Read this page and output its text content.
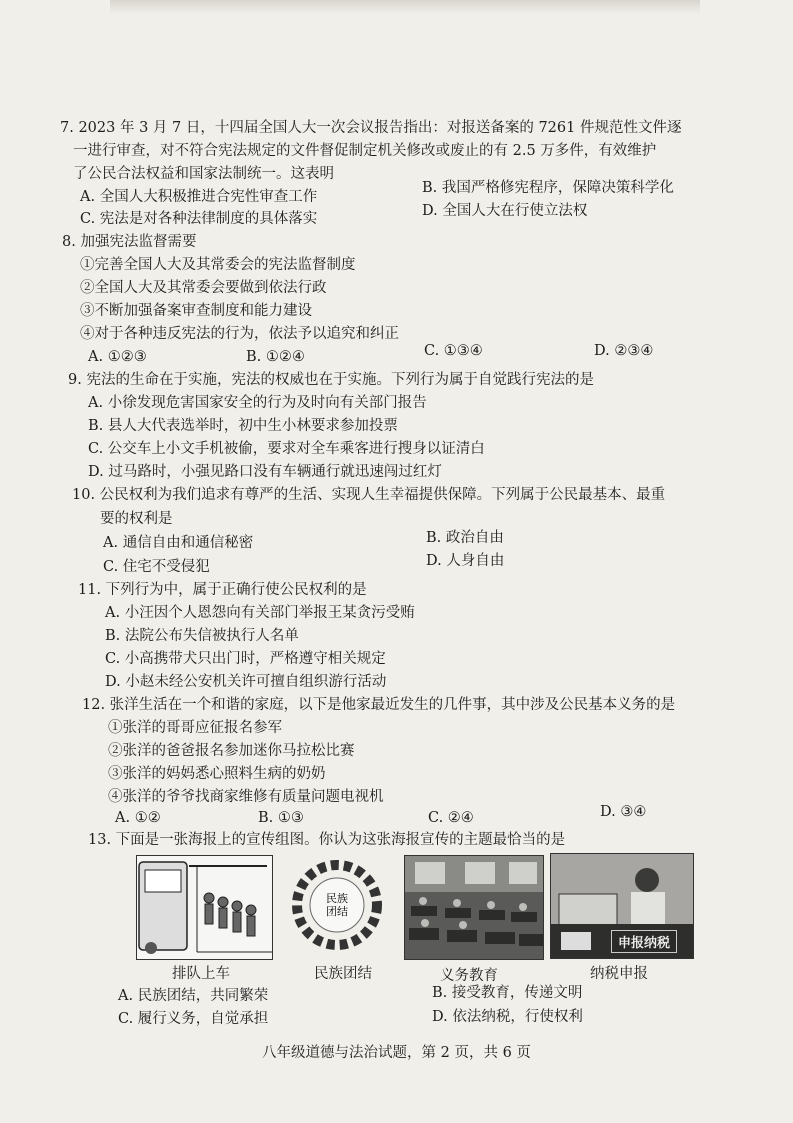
7. 2023 年 3 月 7 日，十四届全国人大一次会议报告指出：对报送备案的 7261 件规范性文件逐
一进行审查，对不符合宪法规定的文件督促制定机关修改或废止的有 2.5 万多件，有效维护
了公民合法权益和国家法制统一。这表明
A. 全国人大积极推进合宪性审查工作
B. 我国严格修宪程序，保障决策科学化
C. 宪法是对各种法律制度的具体落实	D. 全国人大在行使立法权
8. 加强宪法监督需要
①完善全国人大及其常委会的宪法监督制度
②全国人大及其常委会要做到依法行政
③不断加强备案审查制度和能力建设
④对于各种违反宪法的行为，依法予以追究和纠正
A. ①②③	B. ①②④	C. ①③④	D. ②③④
9. 宪法的生命在于实施，宪法的权威也在于实施。下列行为属于自觉践行宪法的是
A. 小徐发现危害国家安全的行为及时向有关部门报告
B. 县人大代表选举时，初中生小林要求参加投票
C. 公交车上小文手机被偷，要求对全车乘客进行搜身以证清白
D. 过马路时，小强见路口没有车辆通行就迅速闯过红灯
10. 公民权利为我们追求有尊严的生活、实现人生幸福提供保障。下列属于公民最基本、最重
要的权利是
A. 通信自由和通信秘密	B. 政治自由
C. 住宅不受侵犯	D. 人身自由
11. 下列行为中，属于正确行使公民权利的是
A. 小汪因个人恩怨向有关部门举报王某贪污受贿
B. 法院公布失信被执行人名单
C. 小高携带犬只出门时，严格遵守相关规定
D. 小赵未经公安机关许可擅自组织游行活动
12. 张洋生活在一个和谐的家庭，以下是他家最近发生的几件事，其中涉及公民基本义务的是
①张洋的哥哥应征报名参军
②张洋的爸爸报名参加迷你马拉松比赛
③张洋的妈妈悉心照料生病的奶奶
④张洋的爷爷找商家维修有质量问题电视机
A. ①②	B. ①③	C. ②④	D. ③④
13. 下面是一张海报上的宣传组图。你认为这张海报宣传的主题最恰当的是
排队上车
民族
团结
民族团结	义务教育
申报纳税
纳税申报
A. 民族团结，共同繁荣	B. 接受教育，传递文明
C. 履行义务，自觉承担	D. 依法纳税，行使权利
八年级道德与法治试题，第 2 页，共 6 页
